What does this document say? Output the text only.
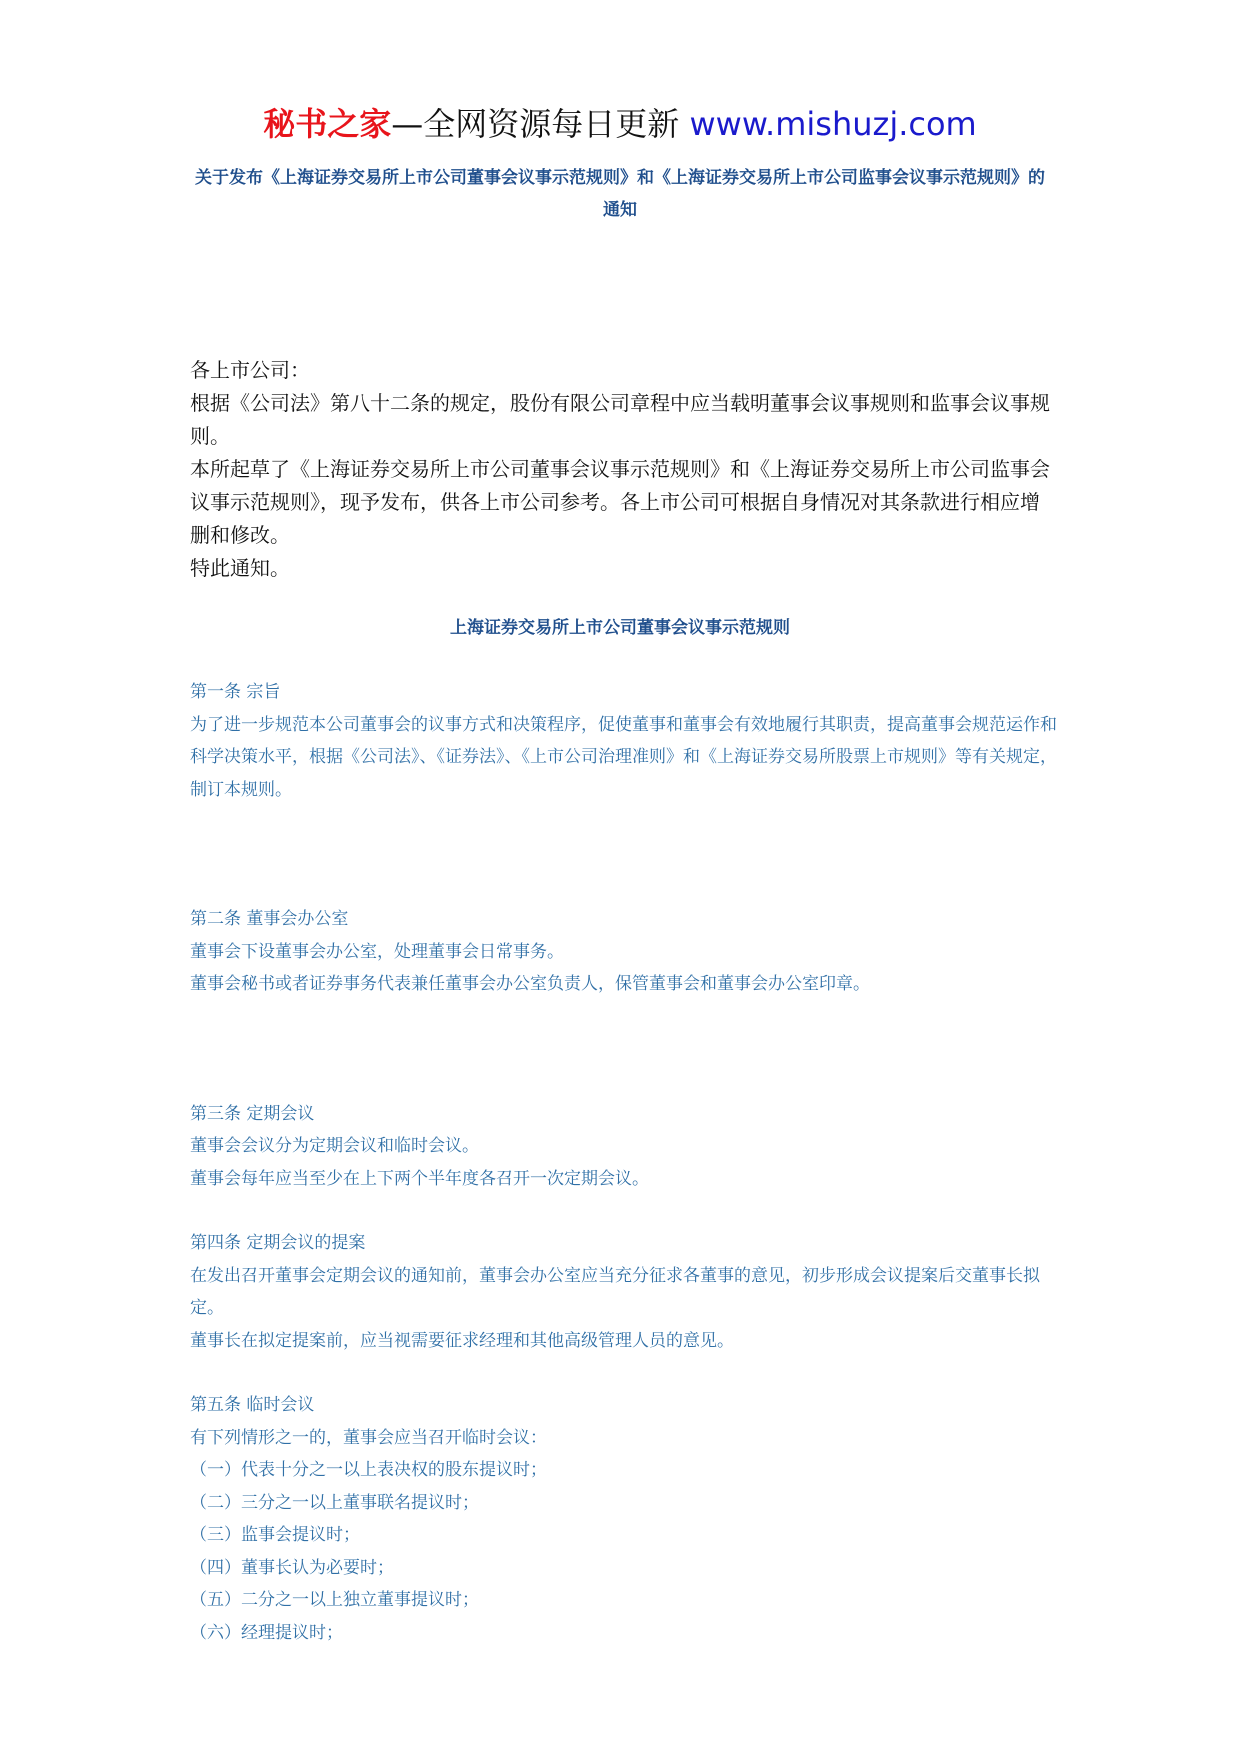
秘书之家—全网资源每日更新 www.mishuzj.com
关于发布《上海证券交易所上市公司董事会议事示范规则》和《上海证券交易所上市公司监事会议事示范规则》的通知

各上市公司：

根据《公司法》第八十二条的规定，股份有限公司章程中应当载明董事会议事规则和监事会议事规则。

本所起草了《上海证券交易所上市公司董事会议事示范规则》和《上海证券交易所上市公司监事会议事示范规则》，现予发布，供各上市公司参考。各上市公司可根据自身情况对其条款进行相应增删和修改。

特此通知。

上海证券交易所上市公司董事会议事示范规则

第一条 宗旨

为了进一步规范本公司董事会的议事方式和决策程序，促使董事和董事会有效地履行其职责，提高董事会规范运作和科学决策水平，根据《公司法》、《证券法》、《上市公司治理准则》和《上海证券交易所股票上市规则》等有关规定，制订本规则。

第二条 董事会办公室

董事会下设董事会办公室，处理董事会日常事务。

董事会秘书或者证券事务代表兼任董事会办公室负责人，保管董事会和董事会办公室印章。

第三条 定期会议

董事会会议分为定期会议和临时会议。

董事会每年应当至少在上下两个半年度各召开一次定期会议。

第四条 定期会议的提案

在发出召开董事会定期会议的通知前，董事会办公室应当充分征求各董事的意见，初步形成会议提案后交董事长拟定。

董事长在拟定提案前，应当视需要征求经理和其他高级管理人员的意见。

第五条 临时会议

有下列情形之一的，董事会应当召开临时会议：

（一）代表十分之一以上表决权的股东提议时；

（二）三分之一以上董事联名提议时；

（三）监事会提议时；

（四）董事长认为必要时；

（五）二分之一以上独立董事提议时；

（六）经理提议时；
